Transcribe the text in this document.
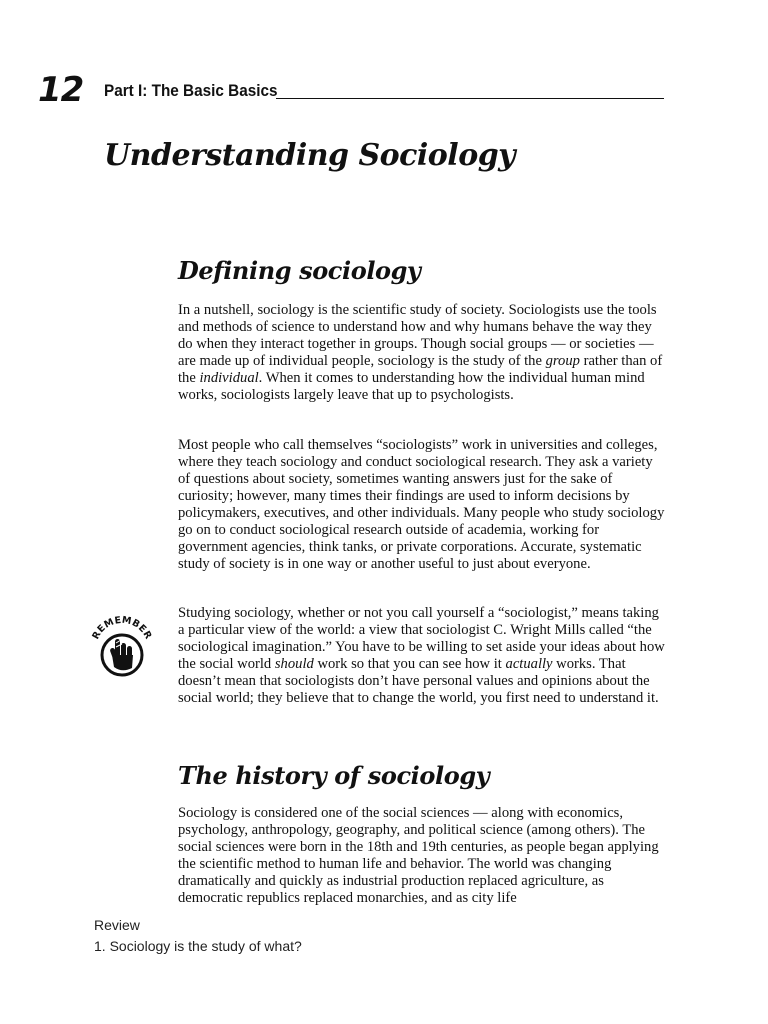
12 Part I: The Basic Basics
Understanding Sociology
Defining sociology

In a nutshell, sociology is the scientific study of society. Sociologists use the tools and methods of science to understand how and why humans behave the way they do when they interact together in groups. Though social groups — or societies — are made up of individual people, sociology is the study of the group rather than of the individual. When it comes to understanding how the individual human mind works, sociologists largely leave that up to psychologists.

Most people who call themselves “sociologists” work in universities and colleges, where they teach sociology and conduct sociological research. They ask a variety of questions about society, sometimes wanting answers just for the sake of curiosity; however, many times their findings are used to inform decisions by policymakers, executives, and other individuals. Many people who study sociology go on to conduct sociological research outside of academia, working for government agencies, think tanks, or private corporations. Accurate, systematic study of society is in one way or another useful to just about everyone.

REMEMBER

Studying sociology, whether or not you call yourself a “sociologist,” means taking a particular view of the world: a view that sociologist C. Wright Mills called “the sociological imagination.” You have to be willing to set aside your ideas about how the social world should work so that you can see how it actually works. That doesn’t mean that sociologists don’t have personal values and opinions about the social world; they believe that to change the world, you first need to understand it.

The history of sociology

Sociology is considered one of the social sciences — along with economics, psychology, anthropology, geography, and political science (among others). The social sciences were born in the 18th and 19th centuries, as people began applying the scientific method to human life and behavior. The world was changing dramatically and quickly as industrial production replaced agriculture, as democratic republics replaced monarchies, and as city life

Review
1. Sociology is the study of what?
